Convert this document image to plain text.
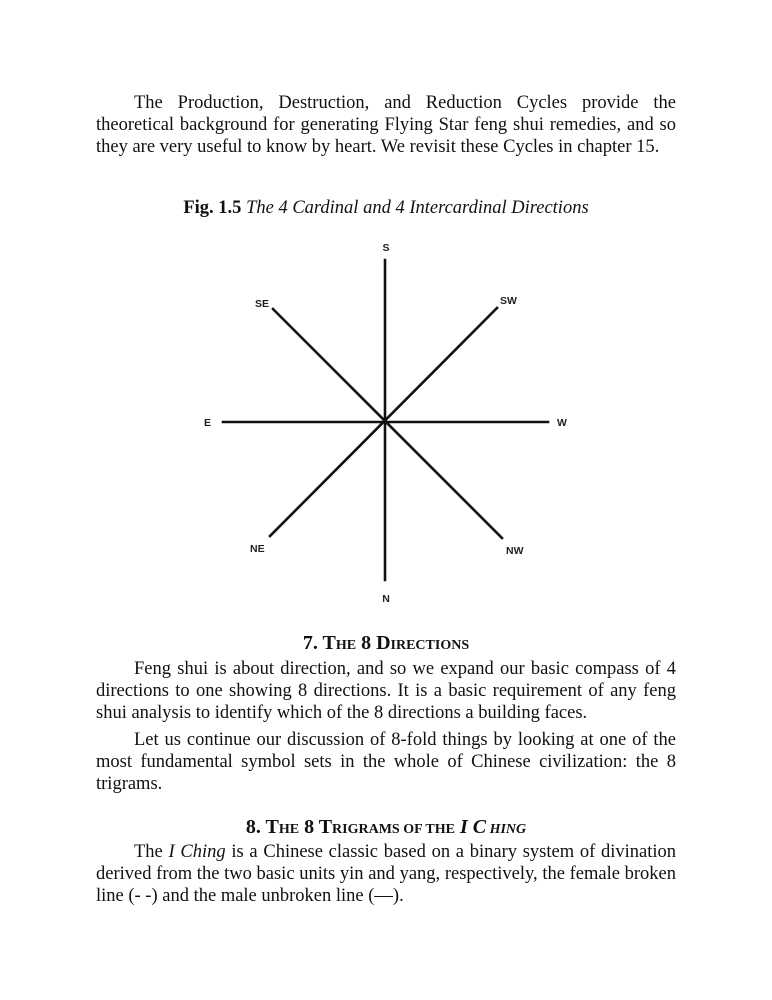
The Production, Destruction, and Reduction Cycles provide the theoretical background for generating Flying Star feng shui remedies, and so they are very useful to know by heart. We revisit these Cycles in chapter 15.

Fig. 1.5 The 4 Cardinal and 4 Intercardinal Directions
S
SW
W
NW
N
NE
E
SE
7. THE 8 DIRECTIONS

Feng shui is about direction, and so we expand our basic compass of 4 directions to one showing 8 directions. It is a basic requirement of any feng shui analysis to identify which of the 8 directions a building faces.

Let us continue our discussion of 8-fold things by looking at one of the most fundamental symbol sets in the whole of Chinese civilization: the 8 trigrams.

8. THE 8 TRIGRAMS OF THE I C HING

The I Ching is a Chinese classic based on a binary system of divination derived from the two basic units yin and yang, respectively, the female broken line (- -) and the male unbroken line (—).
